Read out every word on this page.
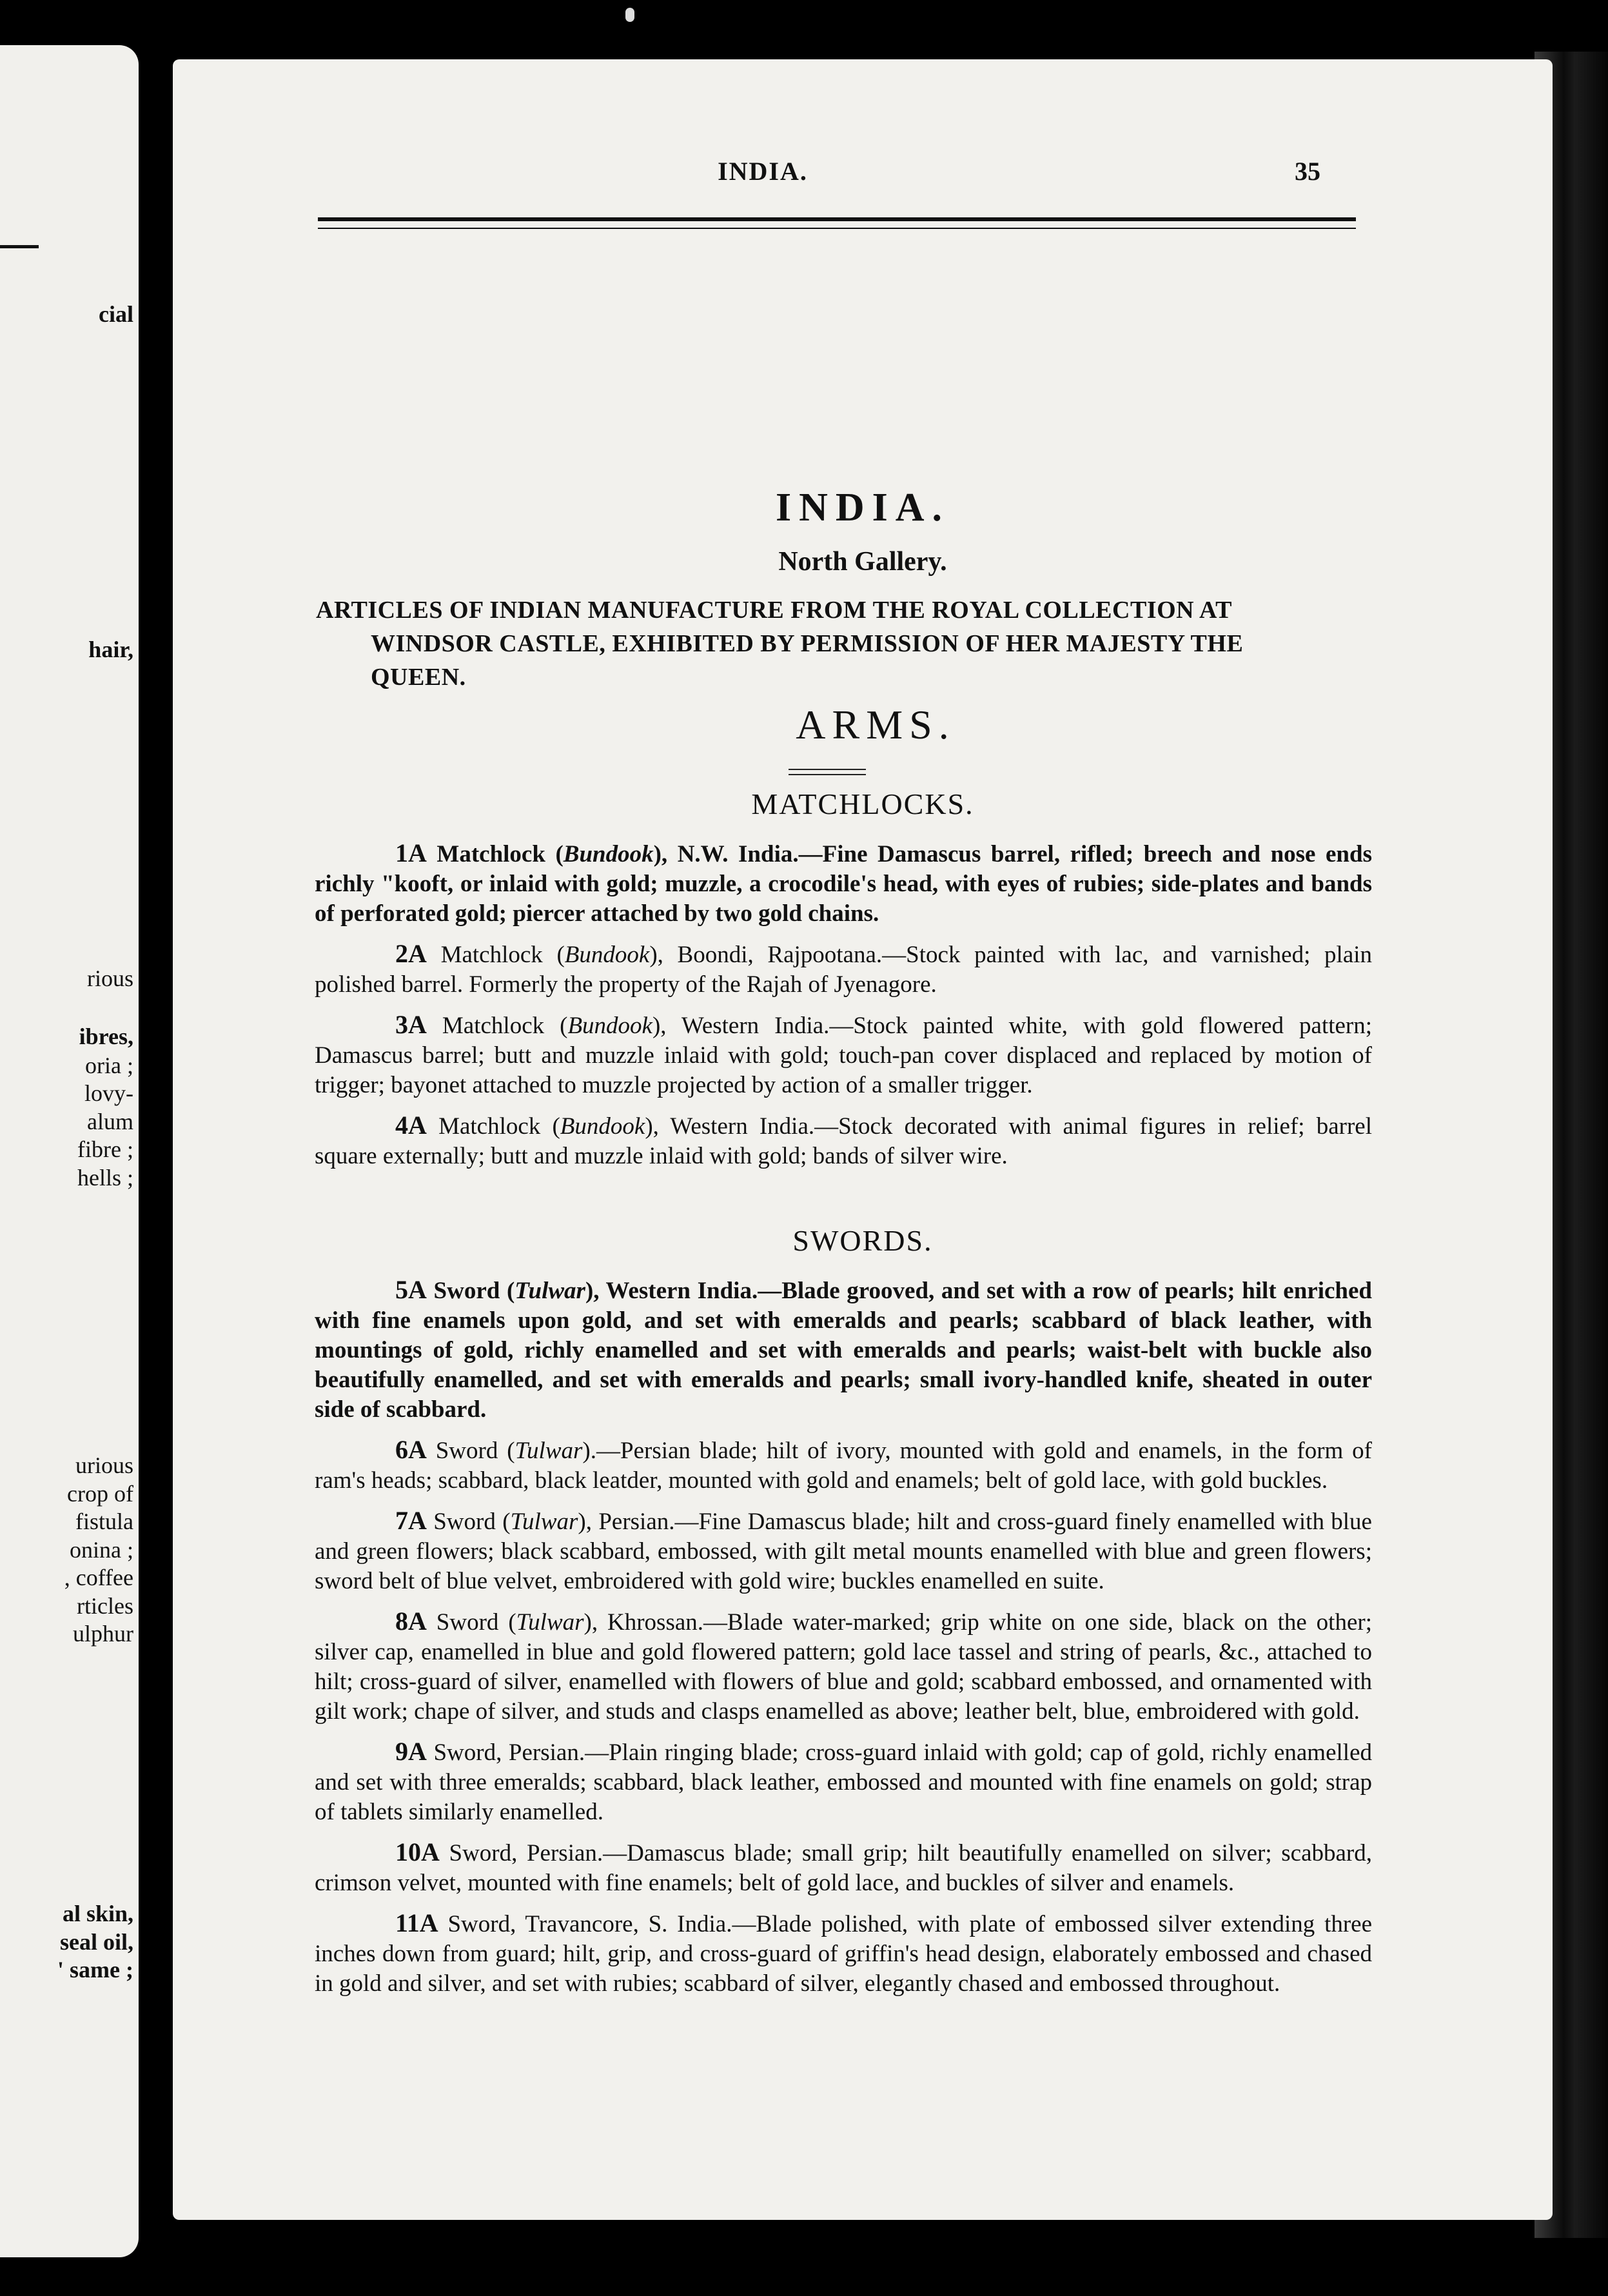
cial
hair,
rious
ibres,
oria ;
lovy-
alum
fibre ;
hells ;
urious
crop of
fistula
onina ;
, coffee
rticles
ulphur
al skin,
seal oil,
' same ;
INDIA.	35
INDIA.
North Gallery.
ARTICLES OF INDIAN MANUFACTURE FROM THE ROYAL COLLECTION AT
WINDSOR CASTLE, EXHIBITED BY PERMISSION OF HER MAJESTY THE
QUEEN.
ARMS.
MATCHLOCKS.

1A Matchlock (Bundook), N.W. India.—Fine Damascus barrel, rifled; breech and nose ends richly "kooft, or inlaid with gold; muzzle, a crocodile's head, with eyes of rubies; side-plates and bands of perforated gold; piercer attached by two gold chains.

2A Matchlock (Bundook), Boondi, Rajpootana.—Stock painted with lac, and varnished; plain polished barrel. Formerly the property of the Rajah of Jyenagore.

3A Matchlock (Bundook), Western India.—Stock painted white, with gold flowered pattern; Damascus barrel; butt and muzzle inlaid with gold; touch-pan cover displaced and replaced by motion of trigger; bayonet attached to muzzle projected by action of a smaller trigger.

4A Matchlock (Bundook), Western India.—Stock decorated with animal figures in relief; barrel square externally; butt and muzzle inlaid with gold; bands of silver wire.

SWORDS.

5A Sword (Tulwar), Western India.—Blade grooved, and set with a row of pearls; hilt enriched with fine enamels upon gold, and set with emeralds and pearls; scabbard of black leather, with mountings of gold, richly enamelled and set with emeralds and pearls; waist-belt with buckle also beautifully enamelled, and set with emeralds and pearls; small ivory-handled knife, sheated in outer side of scabbard.

6A Sword (Tulwar).—Persian blade; hilt of ivory, mounted with gold and enamels, in the form of ram's heads; scabbard, black leatder, mounted with gold and enamels; belt of gold lace, with gold buckles.

7A Sword (Tulwar), Persian.—Fine Damascus blade; hilt and cross-guard finely enamelled with blue and green flowers; black scabbard, embossed, with gilt metal mounts enamelled with blue and green flowers; sword belt of blue velvet, embroidered with gold wire; buckles enamelled en suite.

8A Sword (Tulwar), Khrossan.—Blade water-marked; grip white on one side, black on the other; silver cap, enamelled in blue and gold flowered pattern; gold lace tassel and string of pearls, &c., attached to hilt; cross-guard of silver, enamelled with flowers of blue and gold; scabbard embossed, and ornamented with gilt work; chape of silver, and studs and clasps enamelled as above; leather belt, blue, embroidered with gold.

9A Sword, Persian.—Plain ringing blade; cross-guard inlaid with gold; cap of gold, richly enamelled and set with three emeralds; scabbard, black leather, embossed and mounted with fine enamels on gold; strap of tablets similarly enamelled.

10A Sword, Persian.—Damascus blade; small grip; hilt beautifully enamelled on silver; scabbard, crimson velvet, mounted with fine enamels; belt of gold lace, and buckles of silver and enamels.

11A Sword, Travancore, S. India.—Blade polished, with plate of embossed silver extending three inches down from guard; hilt, grip, and cross-guard of griffin's head design, elaborately embossed and chased in gold and silver, and set with rubies; scabbard of silver, elegantly chased and embossed throughout.
